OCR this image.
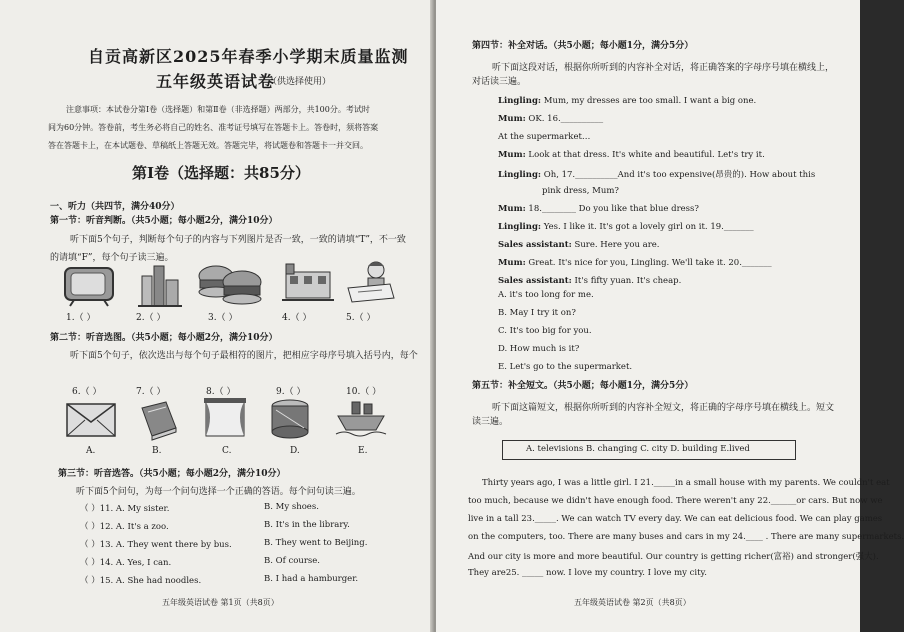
自贡高新区2025年春季小学期末质量监测
五年级英语试卷
（供选择使用）
注意事项：本试卷分第Ⅰ卷（选择题）和第Ⅱ卷（非选择题）两部分，共100分。考试时
间为60分钟。答卷前，考生务必将自己的姓名、准考证号填写在答题卡上。答卷时，须将答案
答在答题卡上，在本试题卷、草稿纸上答题无效。答题完毕，将试题卷和答题卡一并交回。
第Ⅰ卷（选择题：共85分）
一、听力（共四节，满分40分）
第一节：听音判断。（共5小题；每小题2分，满分10分）
听下面5个句子，判断每个句子的内容与下列图片是否一致，一致的请填“T”，不一致
的请填“F”，每个句子读三遍。
1.（ ）	2.（ ）	3.（ ）	4.（ ）	5.（ ）
第二节：听音选图。（共5小题；每小题2分，满分10分）
听下面5个句子，依次选出与每个句子最相符的图片，把相应字母序号填入括号内，每个
6.（ ）	7.（ ）	8.（ ）	9.（ ）	10.（ ）
A.	B.	C.	D.	E.
第三节：听音选答。（共5小题；每小题2分，满分10分）
听下面5个问句，为每一个问句选择一个正确的答语。每个问句读三遍。
（ ）11. A. My sister.	B. My shoes.
（ ）12. A. It's a zoo.	B. It's in the library.
（ ）13. A. They went there by bus.	B. They went to Beijing.
（ ）14. A. Yes, I can.	B. Of course.
（ ）15. A. She had noodles.	B. I had a hamburger.
五年级英语试卷 第1页（共8页）
第四节：补全对话。（共5小题；每小题1分，满分5分）
听下面这段对话，根据你所听到的内容补全对话，将正确答案的字母序号填在横线上，
对话读三遍。
Lingling: Mum, my dresses are too small. I want a big one.
Mum: OK. 16.__________
At the supermarket…
Mum: Look at that dress. It's white and beautiful. Let's try it.
Lingling: Oh, 17.__________And it's too expensive(昂贵的). How about this
pink dress, Mum?
Mum: 18.________ Do you like that blue dress?
Lingling: Yes. I like it. It's got a lovely girl on it. 19._______
Sales assistant: Sure. Here you are.
Mum: Great. It's nice for you, Lingling. We'll take it. 20._______
Sales assistant: It's fifty yuan. It's cheap.
A. it's too long for me.
B. May I try it on?
C. It's too big for you.
D. How much is it?
E. Let's go to the supermarket.
第五节：补全短文。（共5小题；每小题1分，满分5分）
听下面这篇短文，根据你所听到的内容补全短文，将正确的字母序号填在横线上。短文
读三遍。
A. televisions B. changing C. city D. building E.lived
Thirty years ago, I was a little girl. I 21._____in a small house with my parents. We couldn't eat
too much, because we didn't have enough food. There weren't any 22.______or cars. But now we
live in a tall 23._____. We can watch TV every day. We can eat delicious food. We can play games
on the computers, too. There are many buses and cars in my 24.____ . There are many supermarkets.
And our city is more and more beautiful. Our country is getting richer(富裕) and stronger(强大).
They are25. _____ now. I love my country. I love my city.
五年级英语试卷 第2页（共8页）
